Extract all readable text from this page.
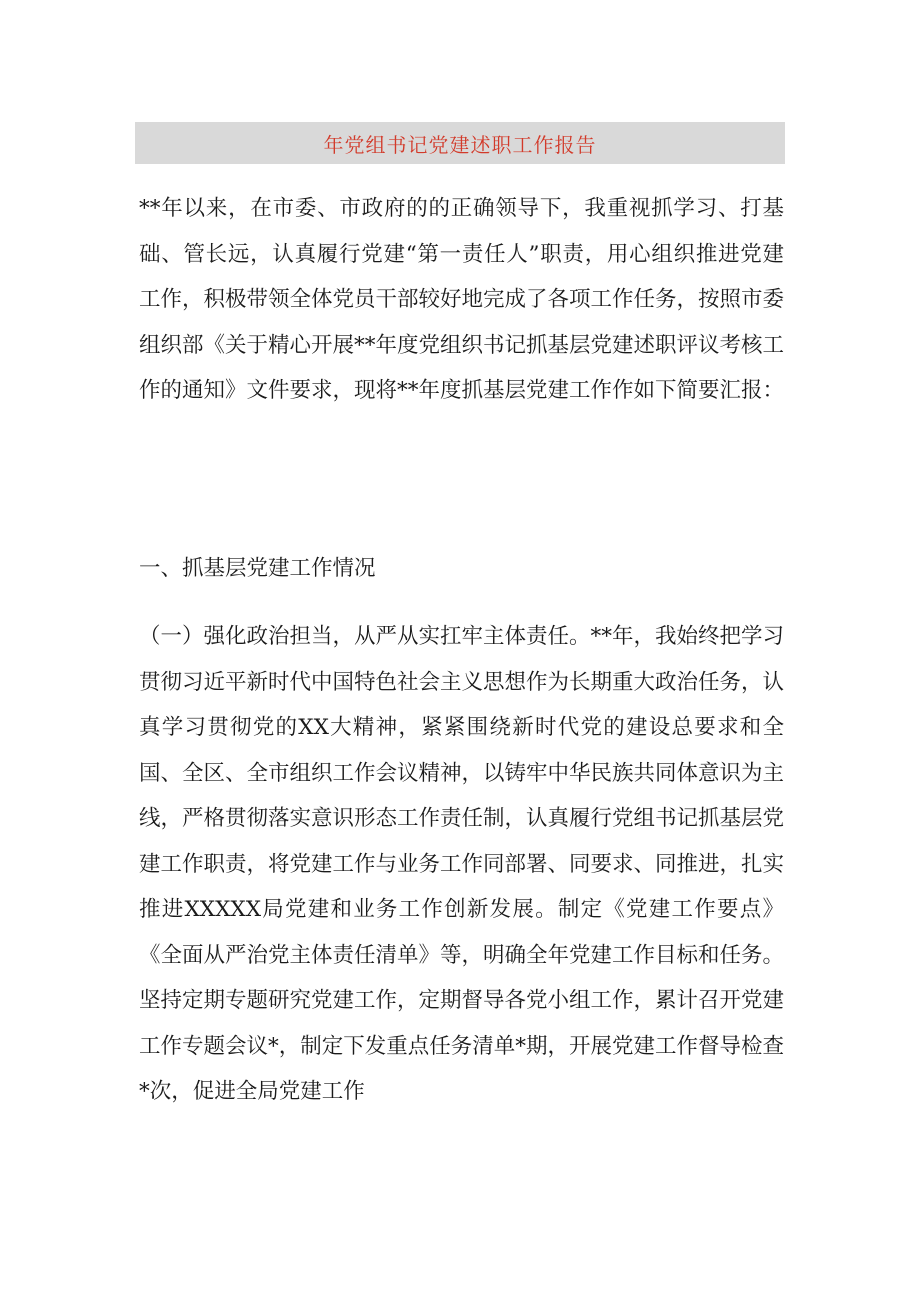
年党组书记党建述职工作报告

**年以来，在市委、市政府的的正确领导下，我重视抓学习、打基础、管长远，认真履行党建“第一责任人”职责，用心组织推进党建工作，积极带领全体党员干部较好地完成了各项工作任务，按照市委组织部《关于精心开展**年度党组织书记抓基层党建述职评议考核工作的通知》文件要求，现将**年度抓基层党建工作作如下简要汇报：

一、抓基层党建工作情况

（一）强化政治担当，从严从实扛牢主体责任。**年，我始终把学习贯彻习近平新时代中国特色社会主义思想作为长期重大政治任务，认真学习贯彻党的XX大精神，紧紧围绕新时代党的建设总要求和全国、全区、全市组织工作会议精神，以铸牢中华民族共同体意识为主线，严格贯彻落实意识形态工作责任制，认真履行党组书记抓基层党建工作职责，将党建工作与业务工作同部署、同要求、同推进，扎实推进XXXXX局党建和业务工作创新发展。制定《党建工作要点》《全面从严治党主体责任清单》等，明确全年党建工作目标和任务。坚持定期专题研究党建工作，定期督导各党小组工作，累计召开党建工作专题会议*，制定下发重点任务清单*期，开展党建工作督导检查*次，促进全局党建工作
